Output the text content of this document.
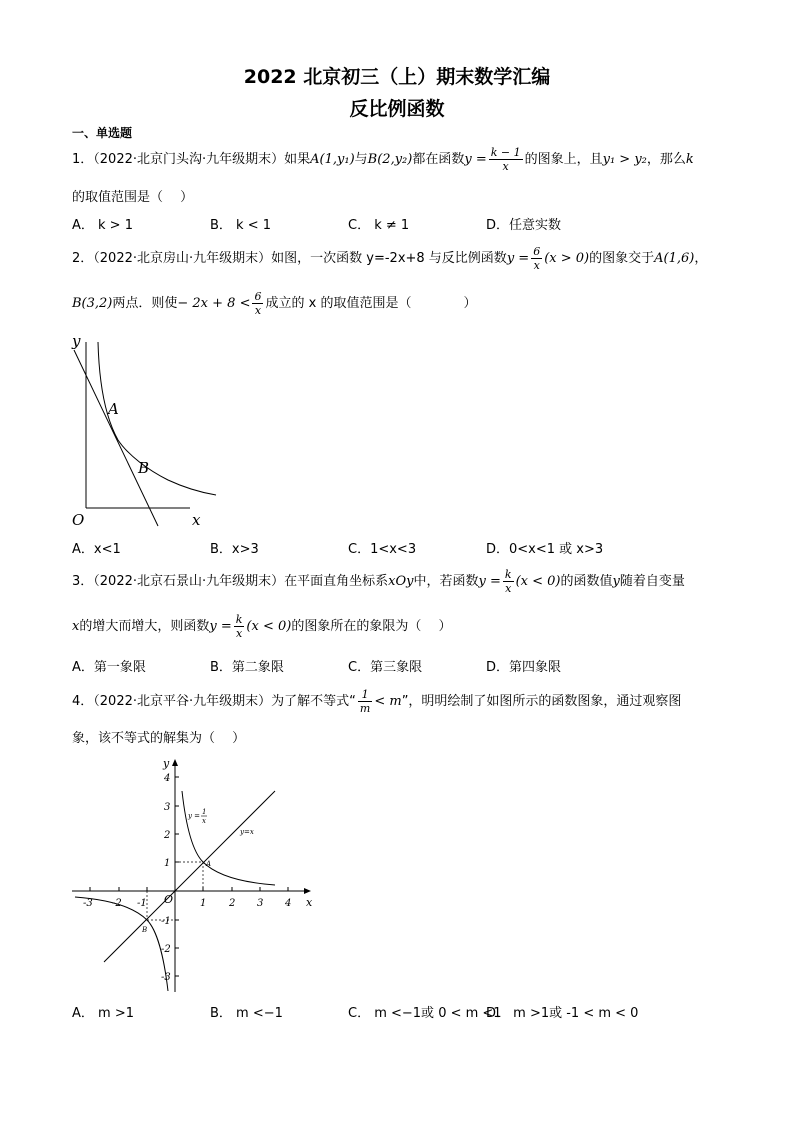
2022 北京初三（上）期末数学汇编
反比例函数
一、单选题
1．（2022·北京门头沟·九年级期末）如果A(1,y₁)与B(2,y₂)都在函数$y = \frac{k - 1}{x}$ 的图象上，且y₁ > y₂，那么k
的取值范围是（　 ）
A． k > 1	B． k < 1	C． k ≠ 1	D．任意实数
2．（2022·北京房山·九年级期末）如图，一次函数 y=-2x+8 与反比例函数$y = \frac{6}{x} (x > 0)$的图象交于A(1,6)，
B(3,2)两点．则使− $2x + 8 < \frac{6}{x}$ 成立的 x 的取值范围是（　　　　）
y
x
O
A
B
A．x<1	B．x>3	C．1<x<3	D．0<x<1 或 x>3
3．（2022·北京石景山·九年级期末）在平面直角坐标系xOy中，若函数$y = \frac{k}{x} (x < 0)$的函数值y随着自变量
x的增大而增大，则函数$y = \frac{k}{x} (x < 0)$的图象所在的象限为（　 ）
A．第一象限	B．第二象限	C．第三象限	D．第四象限
4．（2022·北京平谷·九年级期末）为了解不等式“ $\frac{1}{m} < m$”，明明绘制了如图所示的函数图象，通过观察图
象，该不等式的解集为（　 ）
-3 -2 -1	1 2 3 4
4
3
2
1
-1
-2
-3
y
x
O
y = 1
x
y=x
A
B
A． m >1	B． m <−1	C． m <−1或 0 < m <1
D． m >1或 -1 < m < 0
